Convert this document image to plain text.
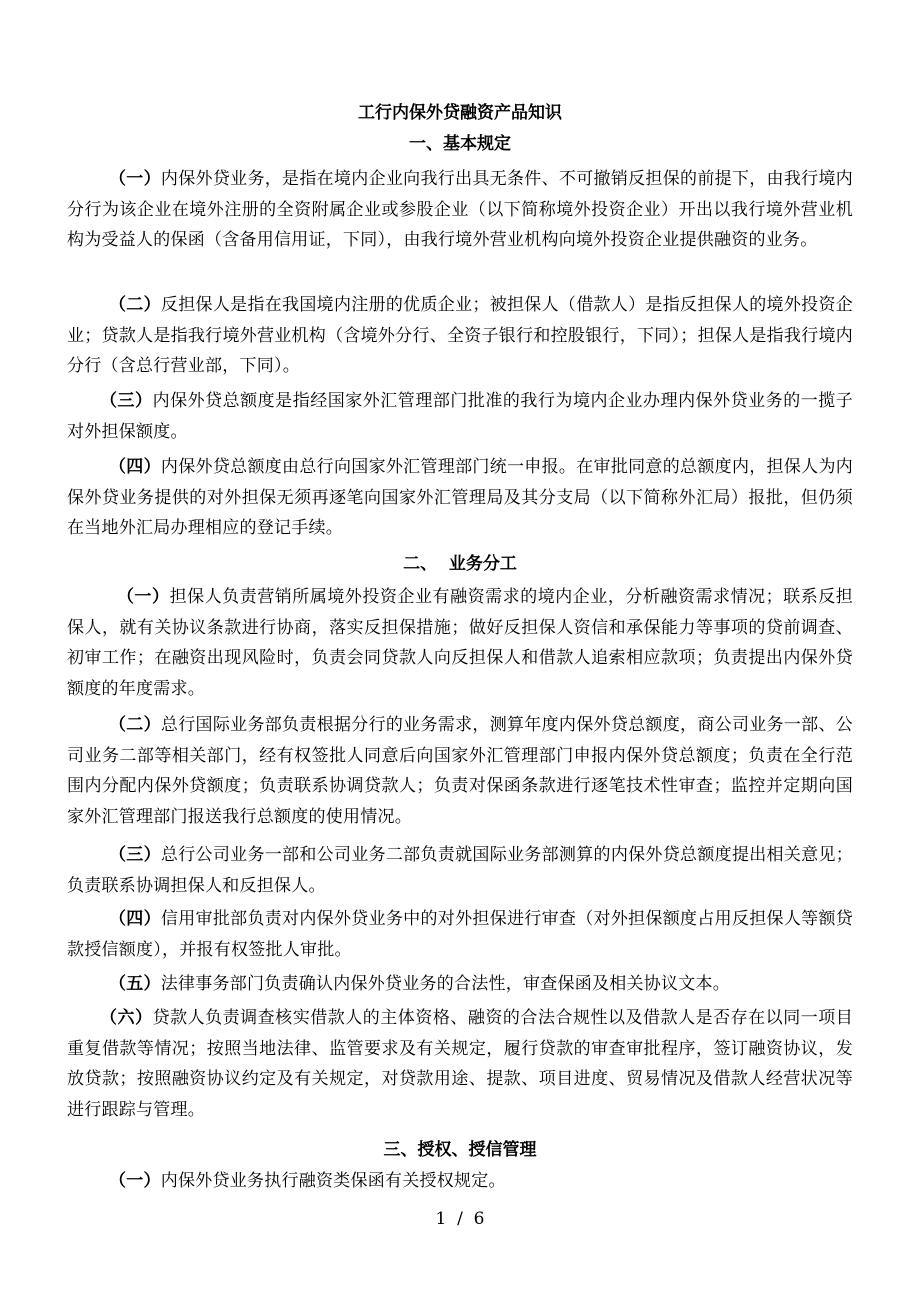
工行内保外贷融资产品知识
一、基本规定
（一）内保外贷业务，是指在境内企业向我行出具无条件、不可撤销反担保的前提下，由我行境内分行为该企业在境外注册的全资附属企业或参股企业（以下简称境外投资企业）开出以我行境外营业机构为受益人的保函（含备用信用证，下同），由我行境外营业机构向境外投资企业提供融资的业务。
（二）反担保人是指在我国境内注册的优质企业；被担保人（借款人）是指反担保人的境外投资企业；贷款人是指我行境外营业机构（含境外分行、全资子银行和控股银行，下同）；担保人是指我行境内分行（含总行营业部，下同）。
（三）内保外贷总额度是指经国家外汇管理部门批准的我行为境内企业办理内保外贷业务的一揽子对外担保额度。
（四）内保外贷总额度由总行向国家外汇管理部门统一申报。在审批同意的总额度内，担保人为内保外贷业务提供的对外担保无须再逐笔向国家外汇管理局及其分支局（以下简称外汇局）报批，但仍须在当地外汇局办理相应的登记手续。
二、  业务分工
（一）担保人负责营销所属境外投资企业有融资需求的境内企业，分析融资需求情况；联系反担保人，就有关协议条款进行协商，落实反担保措施；做好反担保人资信和承保能力等事项的贷前调查、初审工作；在融资出现风险时，负责会同贷款人向反担保人和借款人追索相应款项；负责提出内保外贷额度的年度需求。
（二）总行国际业务部负责根据分行的业务需求，测算年度内保外贷总额度，商公司业务一部、公司业务二部等相关部门，经有权签批人同意后向国家外汇管理部门申报内保外贷总额度；负责在全行范围内分配内保外贷额度；负责联系协调贷款人；负责对保函条款进行逐笔技术性审查；监控并定期向国家外汇管理部门报送我行总额度的使用情况。
（三）总行公司业务一部和公司业务二部负责就国际业务部测算的内保外贷总额度提出相关意见；负责联系协调担保人和反担保人。
（四）信用审批部负责对内保外贷业务中的对外担保进行审查（对外担保额度占用反担保人等额贷款授信额度），并报有权签批人审批。
（五）法律事务部门负责确认内保外贷业务的合法性，审查保函及相关协议文本。
（六）贷款人负责调查核实借款人的主体资格、融资的合法合规性以及借款人是否存在以同一项目重复借款等情况；按照当地法律、监管要求及有关规定，履行贷款的审查审批程序，签订融资协议，发放贷款；按照融资协议约定及有关规定，对贷款用途、提款、项目进度、贸易情况及借款人经营状况等进行跟踪与管理。
三、授权、授信管理
（一）内保外贷业务执行融资类保函有关授权规定。
1  /  6
